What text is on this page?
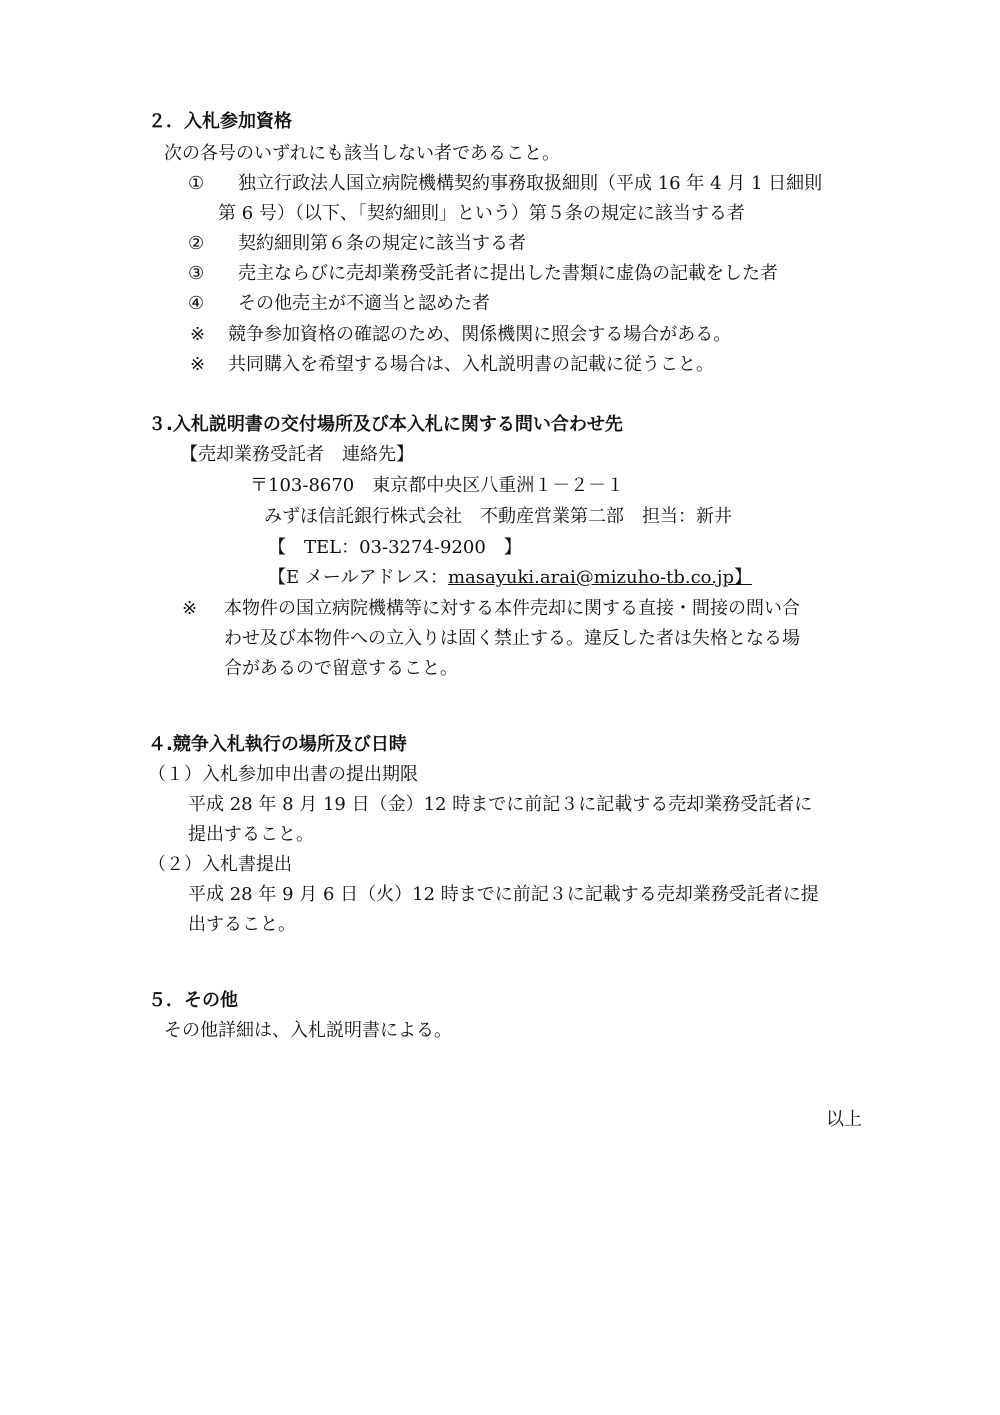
２．入札参加資格
次の各号のいずれにも該当しない者であること。
① 独立行政法人国立病院機構契約事務取扱細則（平成 16 年 4 月 1 日細則
第 6 号）（以下、「契約細則」という）第５条の規定に該当する者
② 契約細則第６条の規定に該当する者
③ 売主ならびに売却業務受託者に提出した書類に虚偽の記載をした者
④ その他売主が不適当と認めた者
※ 競争参加資格の確認のため、関係機関に照会する場合がある。
※ 共同購入を希望する場合は、入札説明書の記載に従うこと。
３.入札説明書の交付場所及び本入札に関する問い合わせ先
【売却業務受託者　連絡先】
〒103-8670　東京都中央区八重洲１－２－１
みずほ信託銀行株式会社　不動産営業第二部　担当：新井
【　TEL：03-3274-9200　】
【E メールアドレス：masayuki.arai@mizuho-tb.co.jp】
※ 本物件の国立病院機構等に対する本件売却に関する直接・間接の問い合
わせ及び本物件への立入りは固く禁止する。違反した者は失格となる場
合があるので留意すること。
４.競争入札執行の場所及び日時
（１）入札参加申出書の提出期限
平成 28 年 8 月 19 日（金）12 時までに前記３に記載する売却業務受託者に
提出すること。
（２）入札書提出
平成 28 年 9 月 6 日（火）12 時までに前記３に記載する売却業務受託者に提
出すること。
５．その他
その他詳細は、入札説明書による。
以上
